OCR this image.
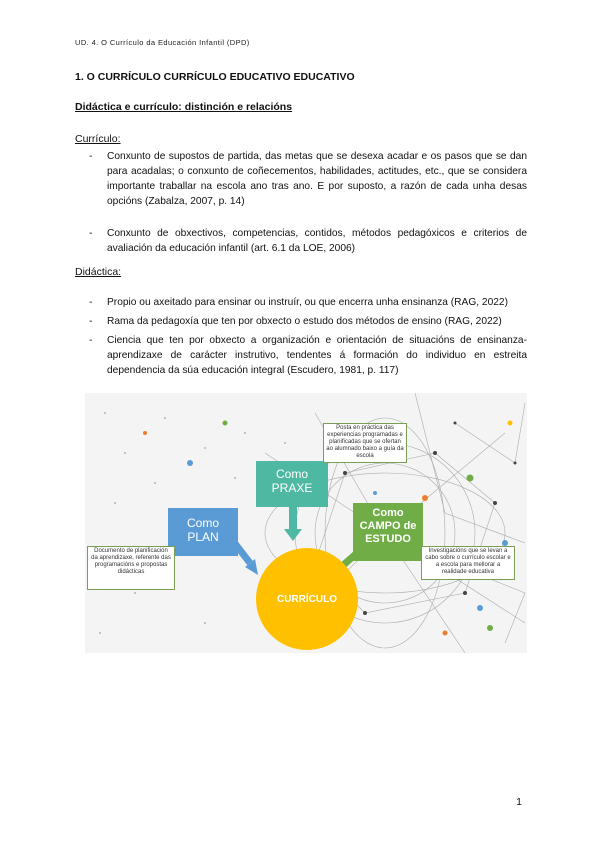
UD. 4. O Currículo da Educación Infantil (DPD)
1. O CURRÍCULO CURRÍCULO EDUCATIVO EDUCATIVO
Didáctica e currículo: distinción e relacións
Currículo:
- Conxunto de supostos de partida, das metas que se desexa acadar e os pasos que se dan para acadalas; o conxunto de coñecementos, habilidades, actitudes, etc., que se considera importante traballar na escola ano tras ano. E por suposto, a razón de cada unha desas opcións (Zabalza, 2007, p. 14)
- Conxunto de obxectivos, competencias, contidos, métodos pedagóxicos e criterios de avaliación da educación infantil (art. 6.1 da LOE, 2006)
Didáctica:
- Propio ou axeitado para ensinar ou instruír, ou que encerra unha ensinanza (RAG, 2022)
- Rama da pedagoxía que ten por obxecto o estudo dos métodos de ensino (RAG, 2022)
- Ciencia que ten por obxecto a organización e orientación de situacións de ensinanza- aprendizaxe de carácter instrutivo, tendentes á formación do individuo en estreita dependencia da súa educación integral (Escudero, 1981, p. 117)
Como
PLAN
Como
PRAXE
Como
CAMPO de
ESTUDO
CURRÍCULO
Documento de planificación da aprendizaxe, referente das programacións e propostas didácticas
Posta en práctica das experiencias programadas e planificadas que se ofertan ao alumnado baixo a guía da escola
Investigacións que se levan a cabo sobre o currículo escolar e a escola para mellorar a realidade educativa
1
